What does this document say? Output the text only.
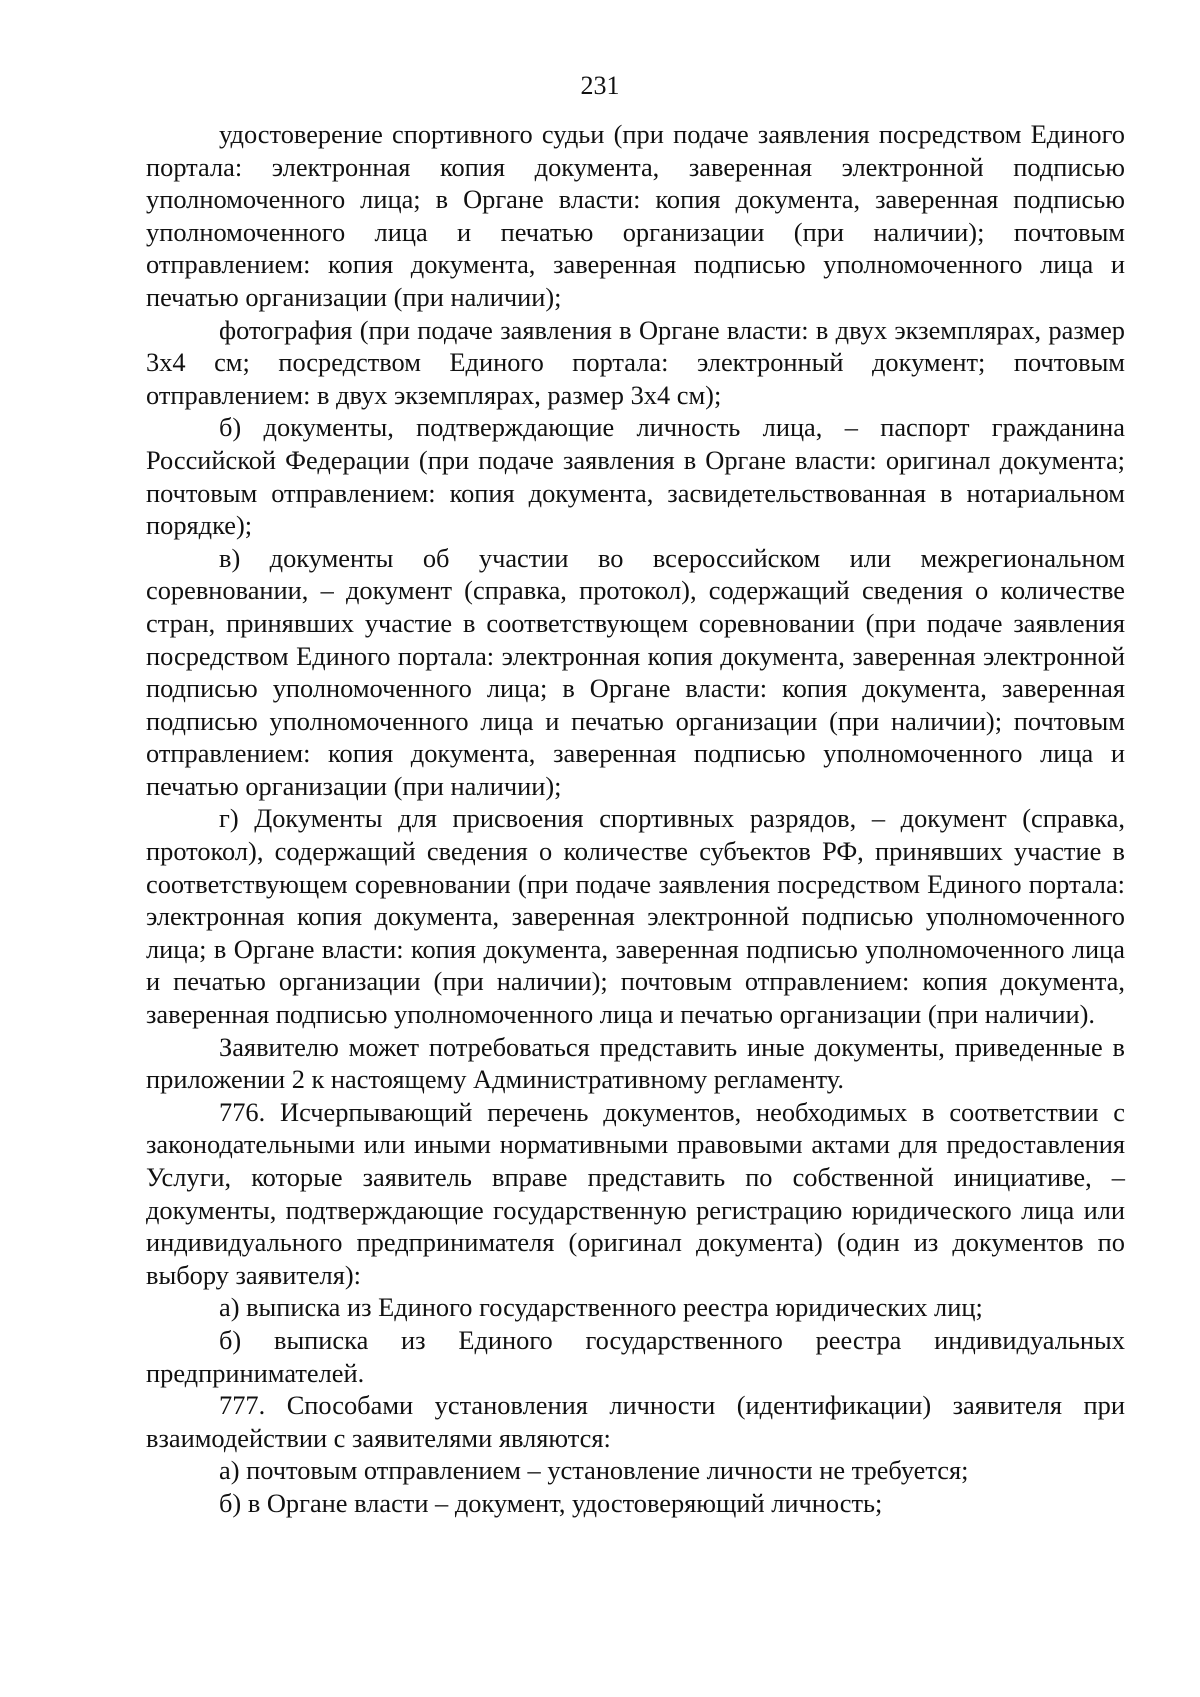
231

удостоверение спортивного судьи (при подаче заявления посредством Единого портала: электронная копия документа, заверенная электронной подписью уполномоченного лица; в Органе власти: копия документа, заверенная подписью уполномоченного лица и печатью организации (при наличии); почтовым отправлением: копия документа, заверенная подписью уполномоченного лица и печатью организации (при наличии);

фотография (при подаче заявления в Органе власти: в двух экземплярах, размер 3х4 см; посредством Единого портала: электронный документ; почтовым отправлением: в двух экземплярах, размер 3х4 см);

б) документы, подтверждающие личность лица, – паспорт гражданина Российской Федерации (при подаче заявления в Органе власти: оригинал документа; почтовым отправлением: копия документа, засвидетельствованная в нотариальном порядке);

в) документы об участии во всероссийском или межрегиональном соревновании, – документ (справка, протокол), содержащий сведения о количестве стран, принявших участие в соответствующем соревновании (при подаче заявления посредством Единого портала: электронная копия документа, заверенная электронной подписью уполномоченного лица; в Органе власти: копия документа, заверенная подписью уполномоченного лица и печатью организации (при наличии); почтовым отправлением: копия документа, заверенная подписью уполномоченного лица и печатью организации (при наличии);

г) Документы для присвоения спортивных разрядов, – документ (справка, протокол), содержащий сведения о количестве субъектов РФ, принявших участие в соответствующем соревновании (при подаче заявления посредством Единого портала: электронная копия документа, заверенная электронной подписью уполномоченного лица; в Органе власти: копия документа, заверенная подписью уполномоченного лица и печатью организации (при наличии); почтовым отправлением: копия документа, заверенная подписью уполномоченного лица и печатью организации (при наличии).

Заявителю может потребоваться представить иные документы, приведенные в приложении 2 к настоящему Административному регламенту.

776. Исчерпывающий перечень документов, необходимых в соответствии с законодательными или иными нормативными правовыми актами для предоставления Услуги, которые заявитель вправе представить по собственной инициативе, – документы, подтверждающие государственную регистрацию юридического лица или индивидуального предпринимателя (оригинал документа) (один из документов по выбору заявителя):

а) выписка из Единого государственного реестра юридических лиц;

б) выписка из Единого государственного реестра индивидуальных предпринимателей.

777. Способами установления личности (идентификации) заявителя при взаимодействии с заявителями являются:

а) почтовым отправлением – установление личности не требуется;

б) в Органе власти – документ, удостоверяющий личность;
